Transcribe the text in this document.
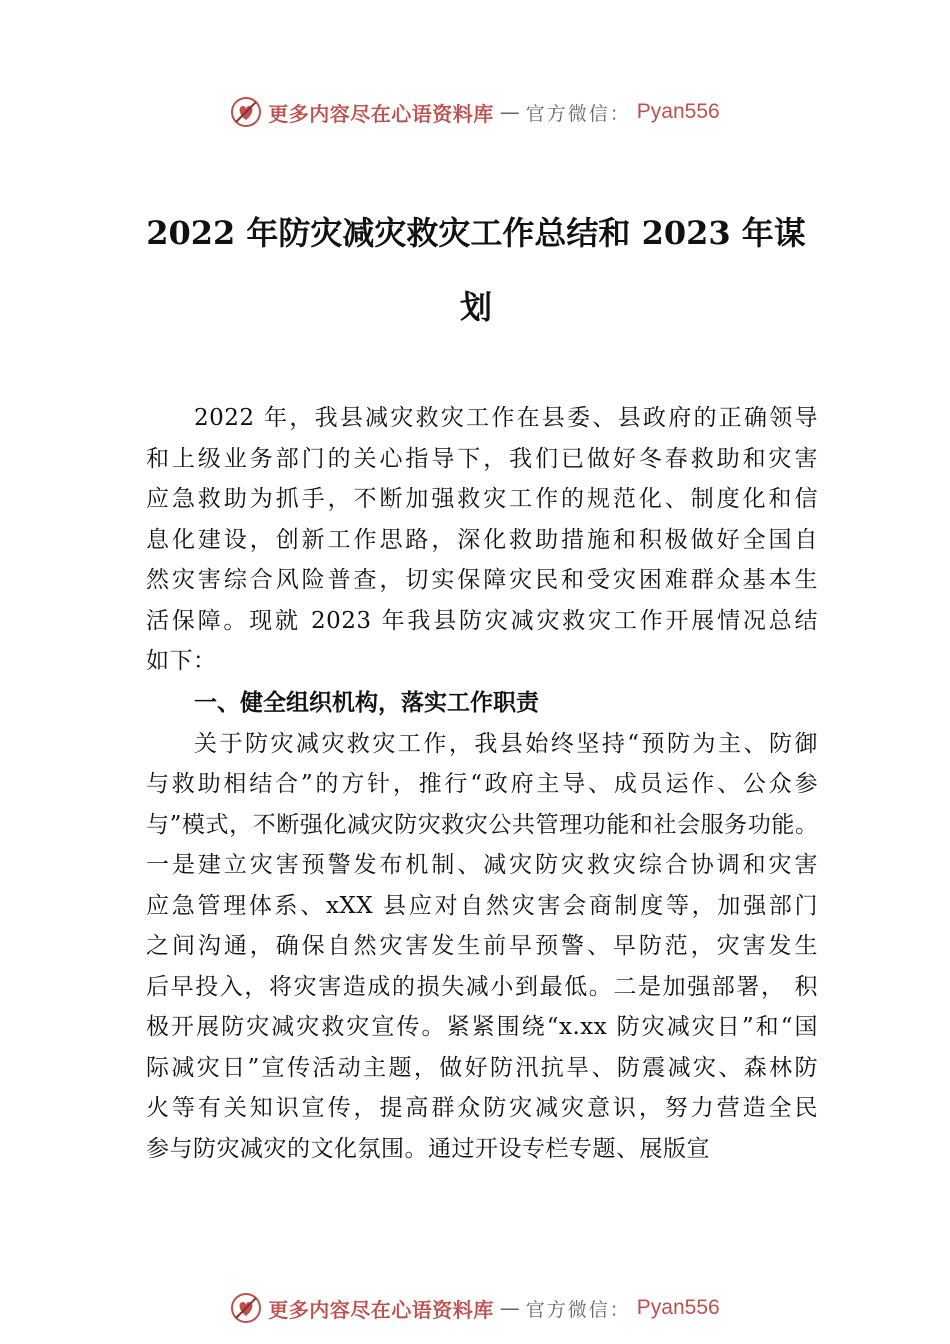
更多内容尽在心语资料库 — 官方微信： Pyan556
2022 年防灾减灾救灾工作总结和 2023 年谋
划
2022 年，我县减灾救灾工作在县委、县政府的正确领导
和上级业务部门的关心指导下，我们已做好冬春救助和灾害
应急救助为抓手，不断加强救灾工作的规范化、制度化和信
息化建设，创新工作思路，深化救助措施和积极做好全国自
然灾害综合风险普查，切实保障灾民和受灾困难群众基本生
活保障。现就 2023 年我县防灾减灾救灾工作开展情况总结
如下：
一、健全组织机构，落实工作职责
关于防灾减灾救灾工作，我县始终坚持“预防为主、防御
与救助相结合”的方针，推行“政府主导、成员运作、公众参
与”模式，不断强化减灾防灾救灾公共管理功能和社会服务功能。
一是建立灾害预警发布机制、减灾防灾救灾综合协调和灾害
应急管理体系、xXX 县应对自然灾害会商制度等，加强部门
之间沟通，确保自然灾害发生前早预警、早防范，灾害发生
后早投入，将灾害造成的损失减小到最低。二是加强部署， 积
极开展防灾减灾救灾宣传。紧紧围绕“x.xx 防灾减灾日”和“国
际减灾日”宣传活动主题，做好防汛抗旱、防震减灾、森林防
火等有关知识宣传，提高群众防灾减灾意识，努力营造全民
参与防灾减灾的文化氛围。通过开设专栏专题、展版宣
更多内容尽在心语资料库 — 官方微信： Pyan556
